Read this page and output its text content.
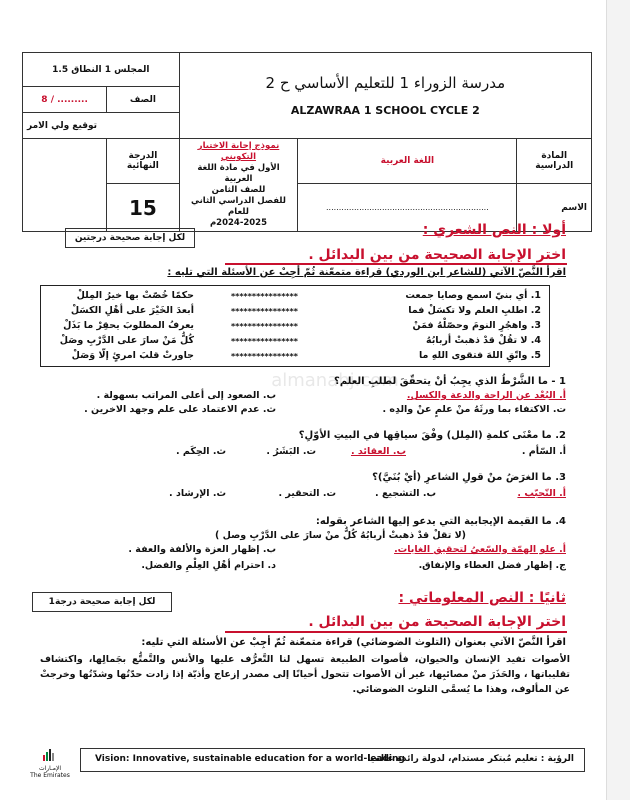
المجلس 1 النطاق 1.5		مدرسة الزوراء 1 للتعليم الأساسي ح 2
ALZAWRAA 1 SCHOOL CYCLE 2		

8 / .........	الصف			
توقيع ولي الامر				
	الدرجة النهائية	نموذج إجابة الاختبار التكويني
الأول في مادة اللغة العربية
للصف الثامن
للفصل الدراسي الثاني للعام
2024-2025م	اللغة العربية	المادة الدراسية
	15		................................................................	الاسم
أولا : النص الشعري :
لكل إجابة صحيحة درجتين
اختر الإجابة الصحيحة من بين البدائل .
اقرأ النَّصّ الآتي (للشاعر ابن الوردي) قراءة متمعّنة ثُمّ أجِبْ عن الأسئلة التي تليه :
1. أي بنيّ اسمع وصايا جمعت
****************
حكمًا خُصّتْ بها خيرُ المِللْ
2. اطلبِ العلم ولا تكسَلْ فما
****************
أبعدَ الخَيْرَ على أهْلِ الكسَلْ
3. واهجُرِ النومَ وحصّلْهُ فمَنْ
****************
يعرفُ المطلوبَ يحقِرْ ما بَذَلْ
4. لا تقُلْ قدْ ذهبتْ أربابُهُ
****************
كُلُّ مَنْ سارَ على الدَّرْبِ وصَلْ
5. واتّقِ اللهَ فتقوى اللهِ ما
****************
جاورتْ قلبَ امرئٍ إلّا وَصَلْ
almanahj.com
1 - ما الشَّرْطُ الذي يجِبُ أنْ يتحقّقَ لطلبِ العلم؟
أ. البُعْد عن الراحة والدعة والكسل.
ب. الصعود إلى أعلى المراتب بسهولة .
ت. الاكتفاء بما ورثَهُ منْ علمٍ عنْ والدِه .
ث. عدم الاعتماد على علم وجهد الاخرين .
2. ما معْنَى كلمةِ (المِلل) وفْقَ سياقِها في البيتِ الأوّلِ؟
أ. السّأم .
ب. العقائد .
ت. البَشَرُ .
ث. الحِكَم .
3. ما الغرَضُ منْ قولِ الشاعرِ (أيْ بُنَيَّ)؟
أ. التّحبّب .
ب. التشجيع .
ت. التحقير .
ث. الإرشاد .
4. ما القيمة الإيجابية التي يدعو إليها الشاعر بقوله:
(لا تقلْ قدْ ذهبتْ أربابُهُ كُلُّ منْ سارَ على الدَّرْبِ وصل )
أ. علو الهمّة والسّعيُ لتحقيق الغايات.
ب. إظهار العزة والألفة والعفة .
ج. إظهار فضل العطاء والإنفاق.
د. احترام أهْلِ العِلْمِ والفضل.
لكل إجابة صحيحة درجة1	ثانيًا : النص المعلوماتي :
اختر الإجابة الصحيحة من بين البدائل .
اقرأ النَّصّ الآتي بعنوان (التلوث الضوضائي) قراءة متمعّنة ثُمّ أجِبْ عن الأسئلة التي تليه:
الأصوات تفيد الإنسان والحيوان، فأصوات الطبيعة تسهل لنا التَّعرُّف عليها والأنس والتَّمتُّع بجَمالِها، واكتشاف تقليباتها ، والحَذَرَ منْ مصائبِها، غير أن الأصوات تتحول أحيانًا إلى مصدر إزعاج وأذيّة إذا زادت حدّتُها وشدّتُها وخرجتْ عن المألوف، وهذا ما يُسمَّى التلوث الضوضائي.
الإمـارات
The Emirates
Vision: Innovative, sustainable education for a world-leading
الرؤية : تعليم مُبتكر مستدام، لدولة رائدة عالميا
